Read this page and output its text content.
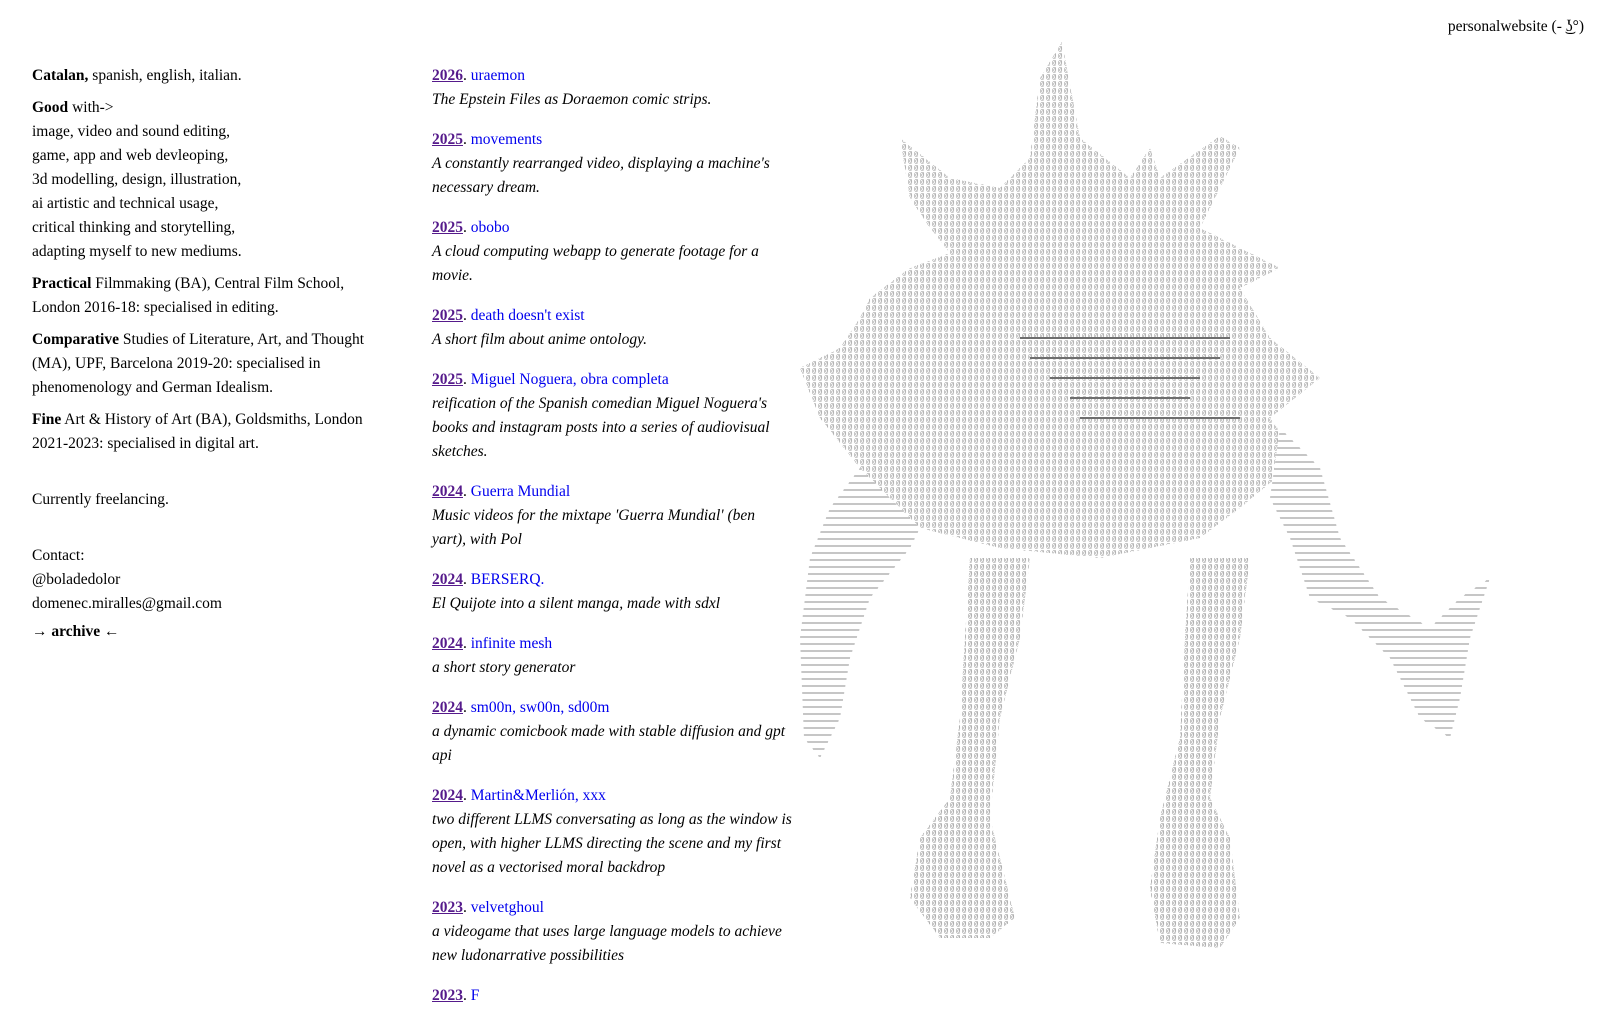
personalwebsite (- ͜ʖ°)

Catalan, spanish, english, italian.

Good with->
image, video and sound editing,
game, app and web devleoping,
3d modelling, design, illustration,
ai artistic and technical usage,
critical thinking and storytelling,
adapting myself to new mediums.

Practical Filmmaking (BA), Central Film School, London 2016-18: specialised in editing.

Comparative Studies of Literature, Art, and Thought (MA), UPF, Barcelona 2019-20: specialised in phenomenology and German Idealism.

Fine Art & History of Art (BA), Goldsmiths, London 2021-2023: specialised in digital art.

Currently freelancing.

Contact:
@boladedolor
domenec.miralles@gmail.com

→ archive ←
2026. uraemon
The Epstein Files as Doraemon comic strips.
2025. movements
A constantly rearranged video, displaying a machine's necessary dream.
2025. obobo
A cloud computing webapp to generate footage for a movie.
2025. death doesn't exist
A short film about anime ontology.
2025. Miguel Noguera, obra completa
reification of the Spanish comedian Miguel Noguera's books and instagram posts into a series of audiovisual sketches.
2024. Guerra Mundial
Music videos for the mixtape 'Guerra Mundial' (ben yart), with Pol
2024. BERSERQ.
El Quijote into a silent manga, made with sdxl
2024. infinite mesh
a short story generator
2024. sm00n, sw00n, sd00m
a dynamic comicbook made with stable diffusion and gpt api
2024. Martin&Merlión, xxx
two different LLMS conversating as long as the window is open, with higher LLMS directing the scene and my first novel as a vectorised moral backdrop
2023. velvetghoul
a videogame that uses large language models to achieve new ludonarrative possibilities
2023. F
